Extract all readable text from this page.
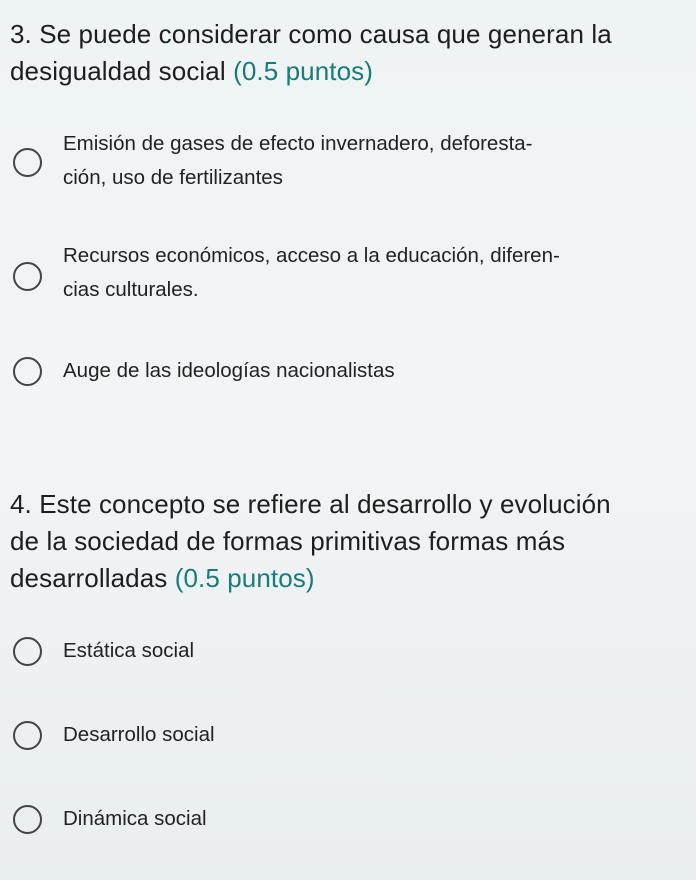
3. Se puede considerar como causa que generan la
desigualdad social (0.5 puntos)

Emisión de gases de efecto invernadero, deforesta-
ción, uso de fertilizantes
Recursos económicos, acceso a la educación, diferen-
cias culturales.
Auge de las ideologías nacionalistas

4. Este concepto se refiere al desarrollo y evolución
de la sociedad de formas primitivas formas más
desarrolladas (0.5 puntos)

Estática social
Desarrollo social
Dinámica social
